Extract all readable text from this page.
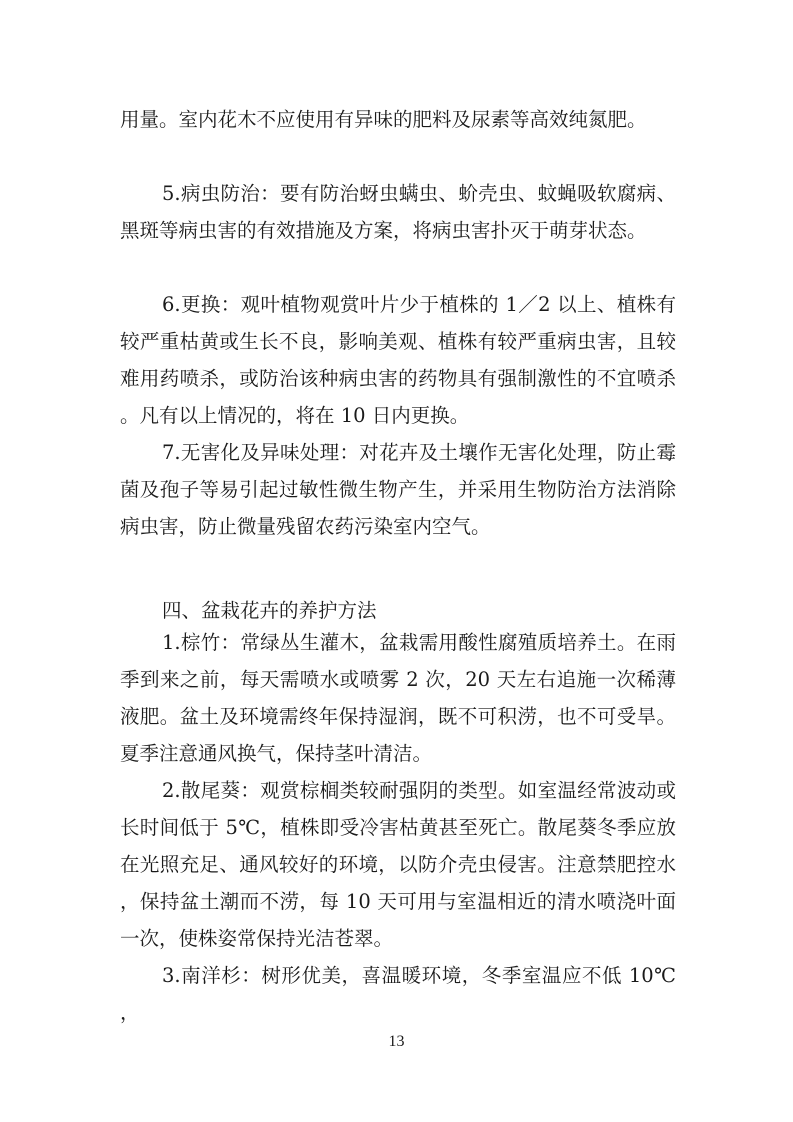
用量。室内花木不应使用有异味的肥料及尿素等高效纯氮肥。

5.病虫防治：要有防治蚜虫螨虫、蚧壳虫、蚊蝇吸软腐病、黑斑等病虫害的有效措施及方案，将病虫害扑灭于萌芽状态。

6.更换：观叶植物观赏叶片少于植株的 1／2 以上、植株有较严重枯黄或生长不良，影响美观、植株有较严重病虫害，且较难用药喷杀，或防治该种病虫害的药物具有强制激性的不宜喷杀。凡有以上情况的，将在 10 日内更换。

7.无害化及异味处理：对花卉及土壤作无害化处理，防止霉菌及孢子等易引起过敏性微生物产生，并采用生物防治方法消除病虫害，防止微量残留农药污染室内空气。

四、盆栽花卉的养护方法

1.棕竹：常绿丛生灌木，盆栽需用酸性腐殖质培养土。在雨季到来之前，每天需喷水或喷雾 2 次，20 天左右追施一次稀薄液肥。盆土及环境需终年保持湿润，既不可积涝，也不可受旱。夏季注意通风换气，保持茎叶清洁。

2.散尾葵：观赏棕榈类较耐强阴的类型。如室温经常波动或长时间低于 5℃，植株即受冷害枯黄甚至死亡。散尾葵冬季应放在光照充足、通风较好的环境，以防介壳虫侵害。注意禁肥控水，保持盆土潮而不涝，每 10 天可用与室温相近的清水喷浇叶面一次，使株姿常保持光洁苍翠。

3.南洋杉：树形优美，喜温暖环境，冬季室温应不低 10℃，

13
